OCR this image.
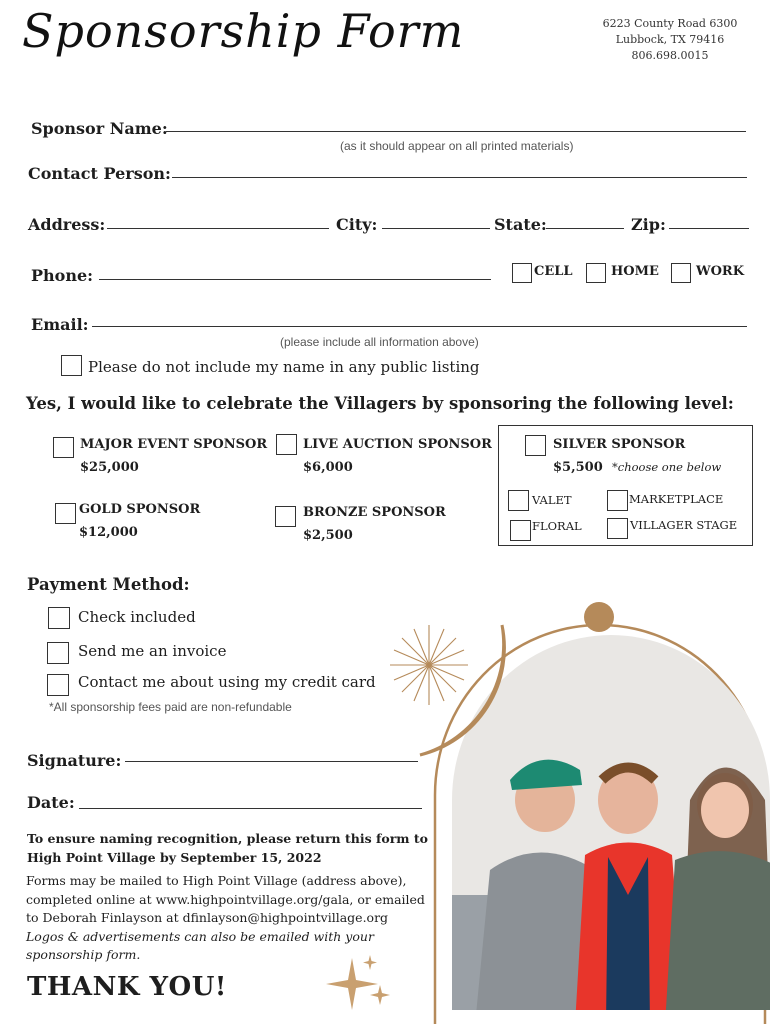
Sponsorship Form	6223 County Road 6300
Lubbock, TX 79416
806.698.0015
Sponsor Name:
(as it should appear on all printed materials)
Contact Person:
Address:	City:	State:	Zip:
Phone:	CELL	HOME	WORK
Email:
(please include all information above)
Please do not include my name in any public listing
Yes, I would like to celebrate the Villagers by sponsoring the following level:
MAJOR EVENT SPONSOR
$25,000
LIVE AUCTION SPONSOR
$6,000
GOLD SPONSOR
$12,000
BRONZE SPONSOR
$2,500
SILVER SPONSOR
$5,500 *choose one below
VALET	MARKETPLACE
FLORAL	VILLAGER STAGE
Payment Method:
Check included
Send me an invoice
Contact me about using my credit card
*All sponsorship fees paid are non-refundable
Signature:
Date:
To ensure naming recognition, please return this form to
High Point Village by September 15, 2022
Forms may be mailed to High Point Village (address above),
completed online at www.highpointvillage.org/gala, or emailed
to Deborah Finlayson at dfinlayson@highpointvillage.org
Logos & advertisements can also be emailed with your
sponsorship form.
THANK YOU!
